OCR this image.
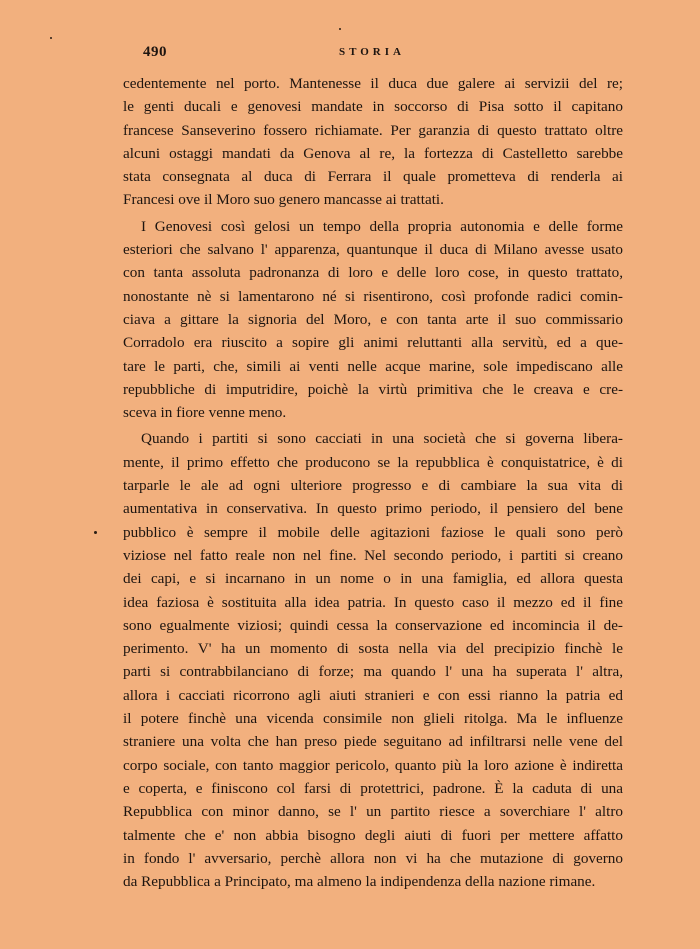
490	STORIA
cedentemente nel porto. Mantenesse il duca due galere ai servizii del re;
le genti ducali e genovesi mandate in soccorso di Pisa sotto il capitano
francese Sanseverino fossero richiamate. Per garanzia di questo trattato oltre
alcuni ostaggi mandati da Genova al re, la fortezza di Castelletto sarebbe
stata consegnata al duca di Ferrara il quale prometteva di renderla ai
Francesi ove il Moro suo genero mancasse ai trattati.
I Genovesi così gelosi un tempo della propria autonomia e delle forme
esteriori che salvano l' apparenza, quantunque il duca di Milano avesse usato
con tanta assoluta padronanza di loro e delle loro cose, in questo trattato,
nonostante nè si lamentarono né si risentirono, così profonde radici comin-
ciava a gittare la signoria del Moro, e con tanta arte il suo commissario
Corradolo era riuscito a sopire gli animi reluttanti alla servitù, ed a que-
tare le parti, che, simili ai venti nelle acque marine, sole impediscano alle
repubbliche di imputridire, poichè la virtù primitiva che le creava e cre-
sceva in fiore venne meno.
Quando i partiti si sono cacciati in una società che si governa libera-
mente, il primo effetto che producono se la repubblica è conquistatrice, è di
tarparle le ale ad ogni ulteriore progresso e di cambiare la sua vita di
aumentativa in conservativa. In questo primo periodo, il pensiero del bene
pubblico è sempre il mobile delle agitazioni faziose le quali sono però
viziose nel fatto reale non nel fine. Nel secondo periodo, i partiti si creano
dei capi, e si incarnano in un nome o in una famiglia, ed allora questa
idea faziosa è sostituita alla idea patria. In questo caso il mezzo ed il fine
sono egualmente viziosi; quindi cessa la conservazione ed incomincia il de-
perimento. V' ha un momento di sosta nella via del precipizio finchè le
parti si contrabbilanciano di forze; ma quando l' una ha superata l' altra,
allora i cacciati ricorrono agli aiuti stranieri e con essi rianno la patria ed
il potere finchè una vicenda consimile non glieli ritolga. Ma le influenze
straniere una volta che han preso piede seguitano ad infiltrarsi nelle vene del
corpo sociale, con tanto maggior pericolo, quanto più la loro azione è indiretta
e coperta, e finiscono col farsi di protettrici, padrone. È la caduta di una
Repubblica con minor danno, se l' un partito riesce a soverchiare l' altro
talmente che e' non abbia bisogno degli aiuti di fuori per mettere affatto
in fondo l' avversario, perchè allora non vi ha che mutazione di governo
da Repubblica a Principato, ma almeno la indipendenza della nazione rimane.
